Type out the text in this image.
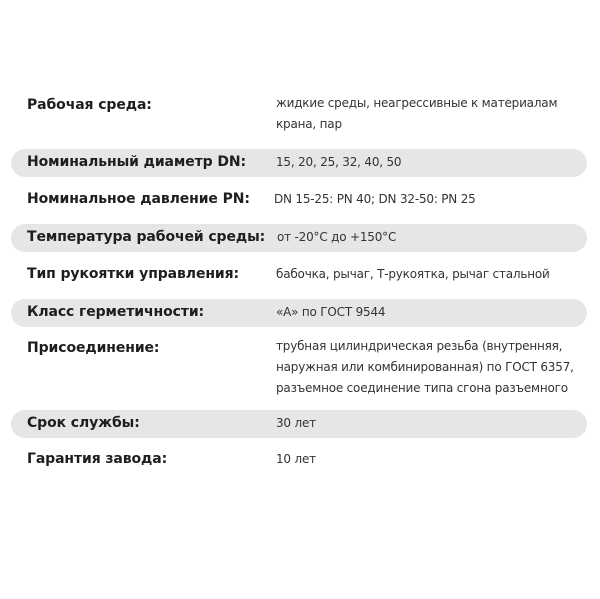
Рабочая среда:	жидкие среды, неагрессивные к материалам крана, пар
Номинальный диаметр DN:	15, 20, 25, 32, 40, 50
Номинальное давление PN: DN 15-25: PN 40; DN 32-50: PN 25
Температура рабочей среды: от -20°C до +150°C
Тип рукоятки управления:	бабочка, рычаг, Т-рукоятка, рычаг стальной
Класс герметичности:	«А» по ГОСТ 9544
Присоединение:	трубная цилиндрическая резьба (внутренняя, наружная или комбинированная) по ГОСТ 6357, разъемное соединение типа сгона разъемного
Срок службы:	30 лет
Гарантия завода:	10 лет
